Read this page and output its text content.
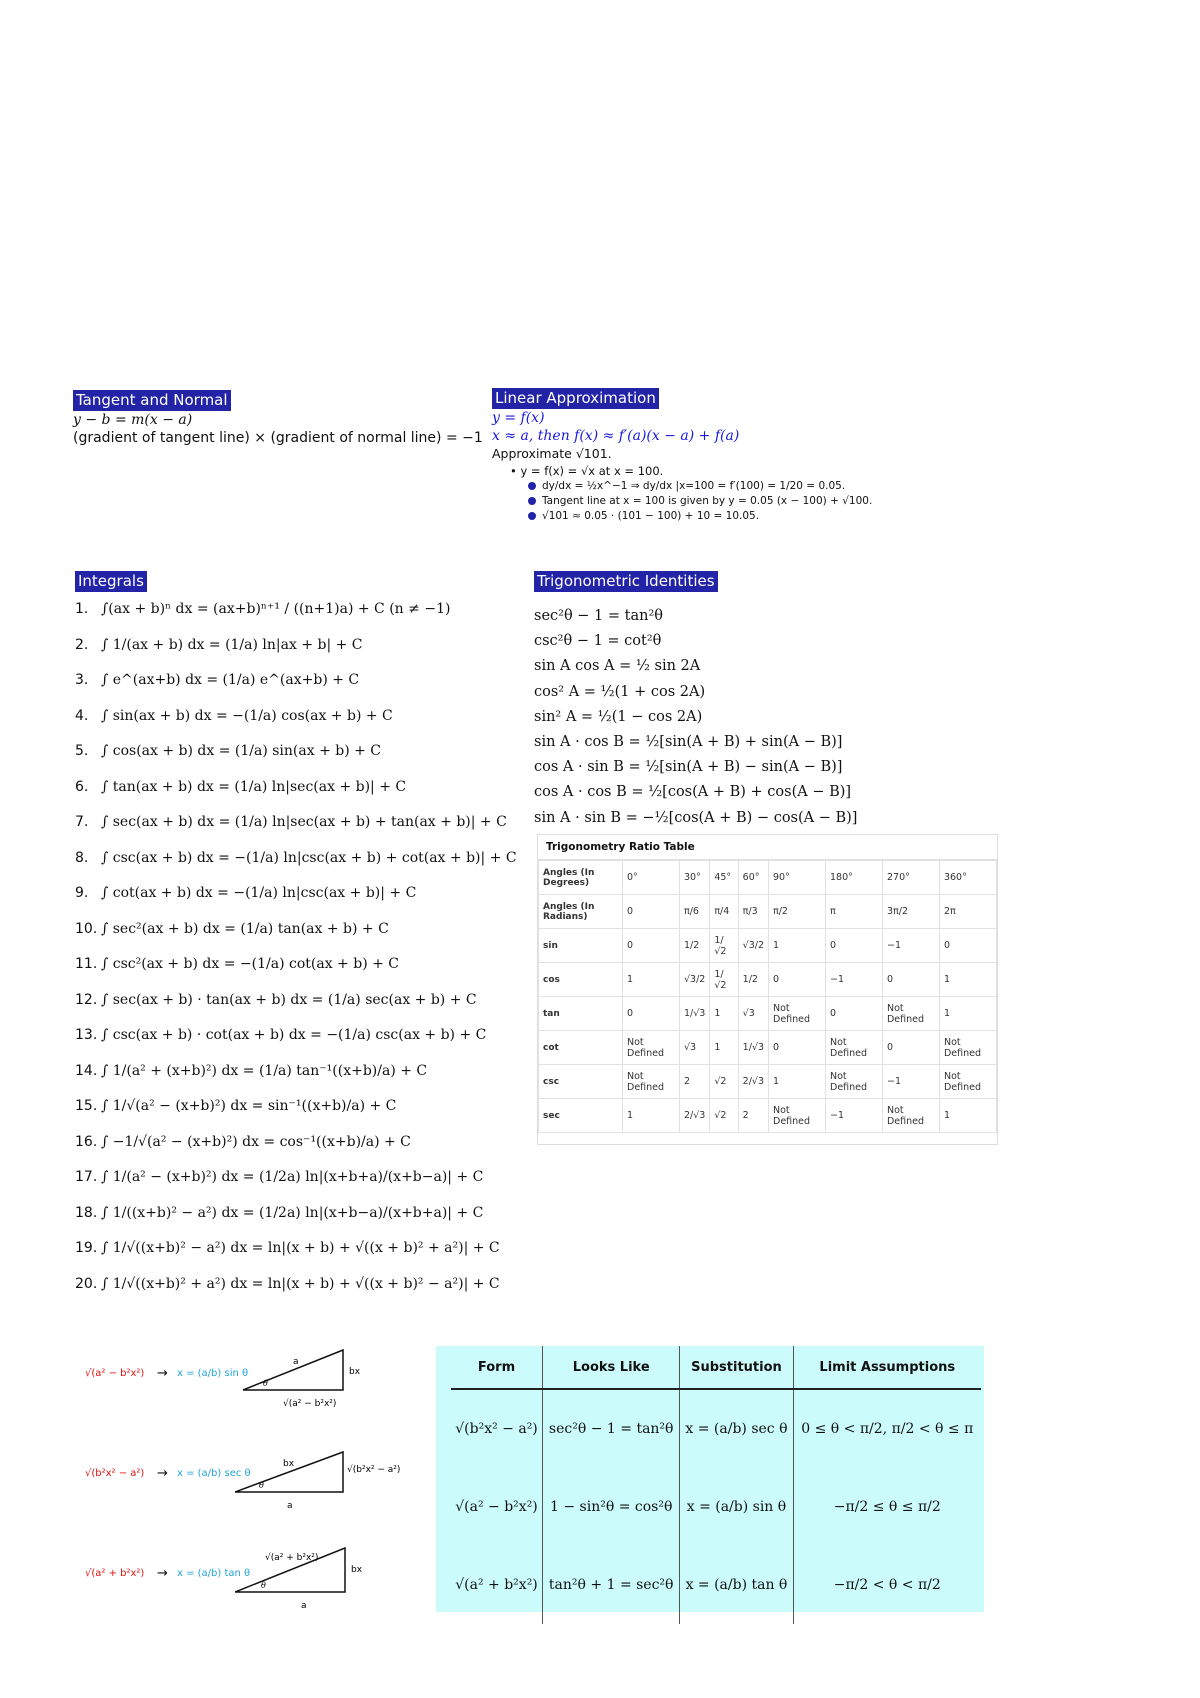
Tangent and Normal
y − b = m(x − a)
(gradient of tangent line) × (gradient of normal line) = −1
Linear Approximation
y = f(x)
x ≈ a, then f(x) ≈ f′(a)(x − a) + f(a)
Approximate √101.
• y = f(x) = √x at x = 100.
dy/dx = ½x^−1 ⇒ dy/dx |x=100 = f′(100) = 1/20 = 0.05.
Tangent line at x = 100 is given by y = 0.05 (x − 100) + √100.
√101 ≈ 0.05 · (101 − 100) + 10 = 10.05.
Integrals
1. ∫(ax + b)ⁿ dx = (ax+b)ⁿ⁺¹ / ((n+1)a) + C (n ≠ −1)
2. ∫ 1/(ax + b) dx = (1/a) ln|ax + b| + C
3. ∫ e^(ax+b) dx = (1/a) e^(ax+b) + C
4. ∫ sin(ax + b) dx = −(1/a) cos(ax + b) + C
5. ∫ cos(ax + b) dx = (1/a) sin(ax + b) + C
6. ∫ tan(ax + b) dx = (1/a) ln|sec(ax + b)| + C
7. ∫ sec(ax + b) dx = (1/a) ln|sec(ax + b) + tan(ax + b)| + C
8. ∫ csc(ax + b) dx = −(1/a) ln|csc(ax + b) + cot(ax + b)| + C
9. ∫ cot(ax + b) dx = −(1/a) ln|csc(ax + b)| + C
10. ∫ sec²(ax + b) dx = (1/a) tan(ax + b) + C
11. ∫ csc²(ax + b) dx = −(1/a) cot(ax + b) + C
12. ∫ sec(ax + b) · tan(ax + b) dx = (1/a) sec(ax + b) + C
13. ∫ csc(ax + b) · cot(ax + b) dx = −(1/a) csc(ax + b) + C
14. ∫ 1/(a² + (x+b)²) dx = (1/a) tan⁻¹((x+b)/a) + C
15. ∫ 1/√(a² − (x+b)²) dx = sin⁻¹((x+b)/a) + C
16. ∫ −1/√(a² − (x+b)²) dx = cos⁻¹((x+b)/a) + C
17. ∫ 1/(a² − (x+b)²) dx = (1/2a) ln|(x+b+a)/(x+b−a)| + C
18. ∫ 1/((x+b)² − a²) dx = (1/2a) ln|(x+b−a)/(x+b+a)| + C
19. ∫ 1/√((x+b)² − a²) dx = ln|(x + b) + √((x + b)² + a²)| + C
20. ∫ 1/√((x+b)² + a²) dx = ln|(x + b) + √((x + b)² − a²)| + C
Trigonometric Identities
sec²θ − 1 = tan²θ
csc²θ − 1 = cot²θ
sin A cos A = ½ sin 2A
cos² A = ½(1 + cos 2A)
sin² A = ½(1 − cos 2A)
sin A · cos B = ½[sin(A + B) + sin(A − B)]
cos A · sin B = ½[sin(A + B) − sin(A − B)]
cos A · cos B = ½[cos(A + B) + cos(A − B)]
sin A · sin B = −½[cos(A + B) − cos(A − B)]
Trigonometry Ratio Table
Angles (In Degrees)	0°	30°	45°	60°	90°	180°	270°	360°
Angles (In Radians)	0	π/6	π/4	π/3	π/2	π	3π/2	2π
sin	0	1/2	1/√2	√3/2	1	0	−1	0
cos	1	√3/2	1/√2	1/2	0	−1	0	1
tan	0	1/√3	1	√3	Not Defined	0	Not Defined	1
cot	Not Defined	√3	1	1/√3	0	Not Defined	0	Not Defined
csc	Not Defined	2	√2	2/√3	1	Not Defined	−1	Not Defined
sec	1	2/√3	√2	2	Not Defined	−1	Not Defined	1
√(a² − b²x²) → x = (a/b) sin θ
a
bx
√(a² − b²x²)
θ
√(b²x² − a²) → x = (a/b) sec θ
bx
√(b²x² − a²)
a
θ
√(a² + b²x²) → x = (a/b) tan θ
√(a² + b²x²)
bx
a
θ
Form	Looks Like	Substitution	Limit Assumptions
√(b²x² − a²)	sec²θ − 1 = tan²θ	x = (a/b) sec θ	0 ≤ θ < π/2, π/2 < θ ≤ π
√(a² − b²x²)	1 − sin²θ = cos²θ	x = (a/b) sin θ	−π/2 ≤ θ ≤ π/2
√(a² + b²x²)	tan²θ + 1 = sec²θ	x = (a/b) tan θ	−π/2 < θ < π/2
